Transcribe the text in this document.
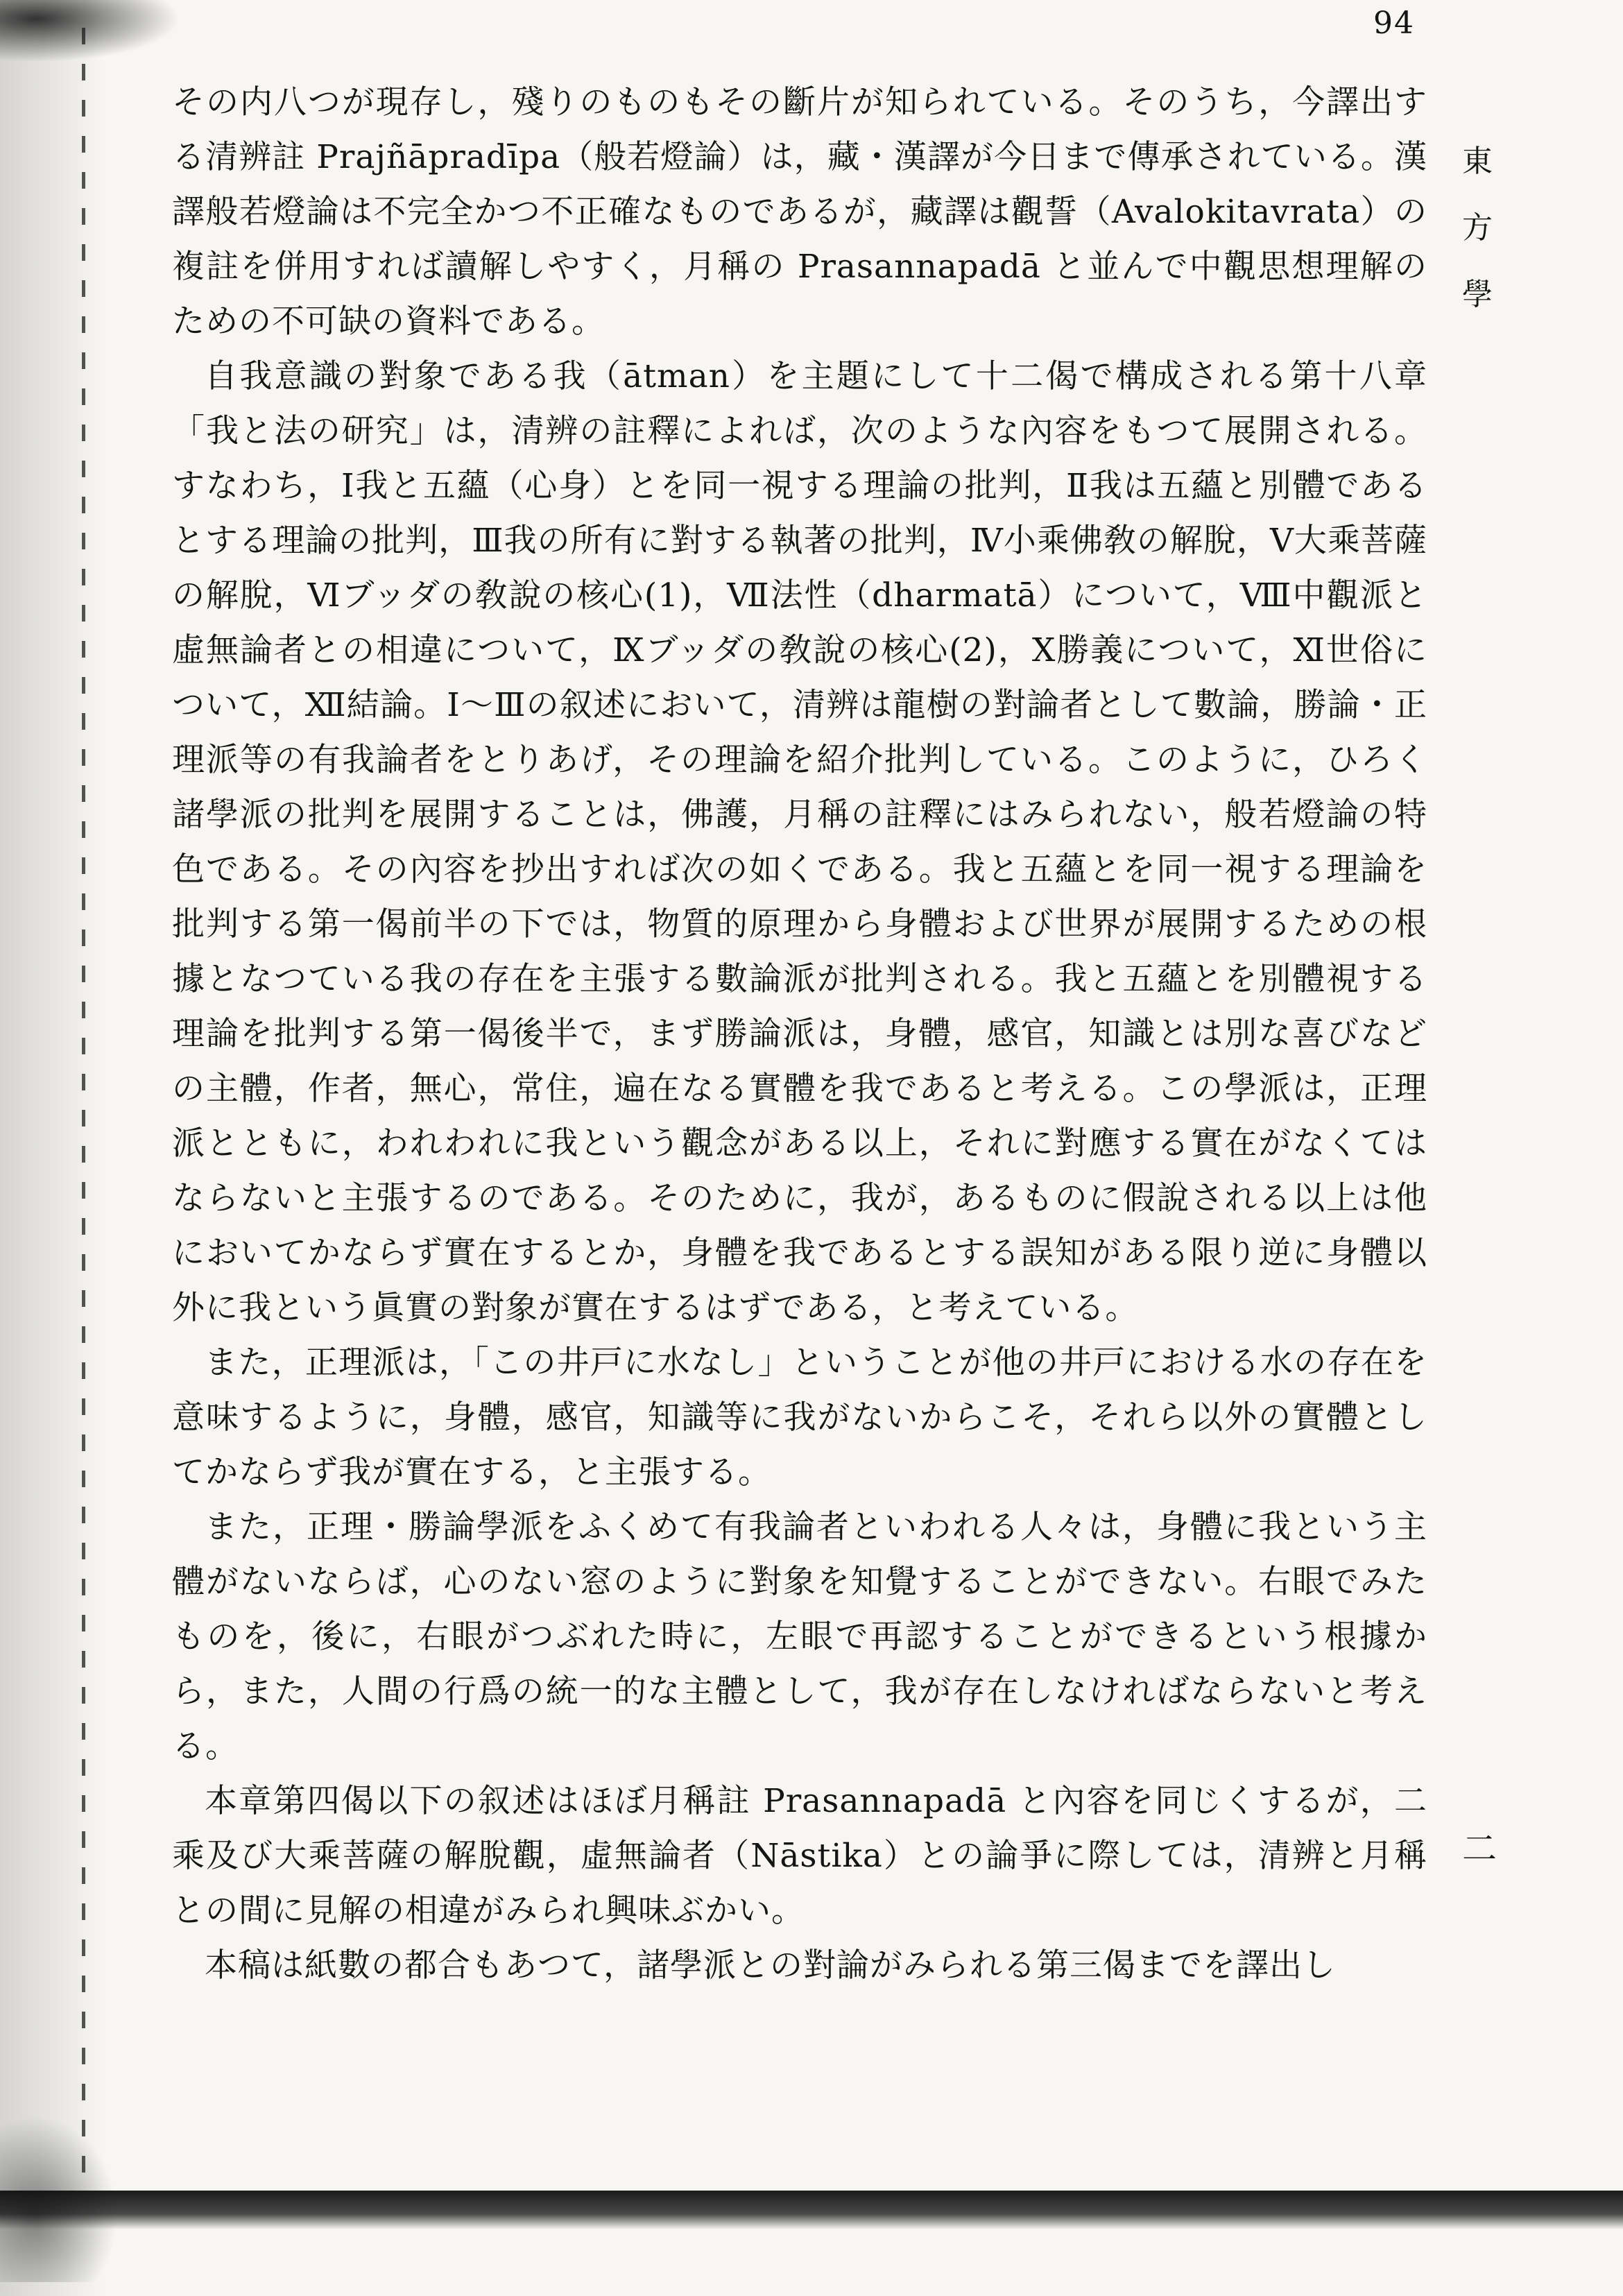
94
東
方
學
二

その内八つが現存し，殘りのものもその斷片が知られている。そのうち，今譯出する清辨註 Prajñāpradīpa（般若燈論）は，藏・漢譯が今日まで傳承されている。漢譯般若燈論は不完全かつ不正確なものであるが，藏譯は觀誓（Avalokitavrata）の複註を併用すれば讀解しやすく，月稱の Prasannapadā と並んで中觀思想理解のための不可缺の資料である。

自我意識の對象である我（ātman）を主題にして十二偈で構成される第十八章「我と法の研究」は，清辨の註釋によれば，次のような內容をもつて展開される。すなわち，Ⅰ我と五蘊（心身）とを同一視する理論の批判，Ⅱ我は五蘊と別體であるとする理論の批判，Ⅲ我の所有に對する執著の批判，Ⅳ小乘佛敎の解脫，Ⅴ大乘菩薩の解脫，Ⅵブッダの敎說の核心(1)，Ⅶ法性（dharmatā）について，Ⅷ中觀派と虛無論者との相違について，Ⅸブッダの敎說の核心(2)，Ⅹ勝義について，Ⅺ世俗について，Ⅻ結論。Ⅰ～Ⅲの叙述において，清辨は龍樹の對論者として數論，勝論・正理派等の有我論者をとりあげ，その理論を紹介批判している。このように，ひろく諸學派の批判を展開することは，佛護，月稱の註釋にはみられない，般若燈論の特色である。その內容を抄出すれば次の如くである。我と五蘊とを同一視する理論を批判する第一偈前半の下では，物質的原理から身體および世界が展開するための根據となつている我の存在を主張する數論派が批判される。我と五蘊とを別體視する理論を批判する第一偈後半で，まず勝論派は，身體，感官，知識とは別な喜びなどの主體，作者，無心，常住，遍在なる實體を我であると考える。この學派は，正理派とともに，われわれに我という觀念がある以上，それに對應する實在がなくてはならないと主張するのである。そのために，我が，あるものに假說される以上は他においてかならず實在するとか，身體を我であるとする誤知がある限り逆に身體以外に我という眞實の對象が實在するはずである，と考えている。

また，正理派は，「この井戸に水なし」ということが他の井戸における水の存在を意味するように，身體，感官，知識等に我がないからこそ，それら以外の實體としてかならず我が實在する，と主張する。

また，正理・勝論學派をふくめて有我論者といわれる人々は，身體に我という主體がないならば，心のない窓のように對象を知覺することができない。右眼でみたものを，後に，右眼がつぶれた時に，左眼で再認することができるという根據から，また，人間の行爲の統一的な主體として，我が存在しなければならないと考える。

本章第四偈以下の叙述はほぼ月稱註 Prasannapadā と內容を同じくするが，二乘及び大乘菩薩の解脫觀，虛無論者（Nāstika）との論爭に際しては，清辨と月稱との間に見解の相違がみられ興味ぶかい。

本稿は紙數の都合もあつて，諸學派との對論がみられる第三偈までを譯出し
